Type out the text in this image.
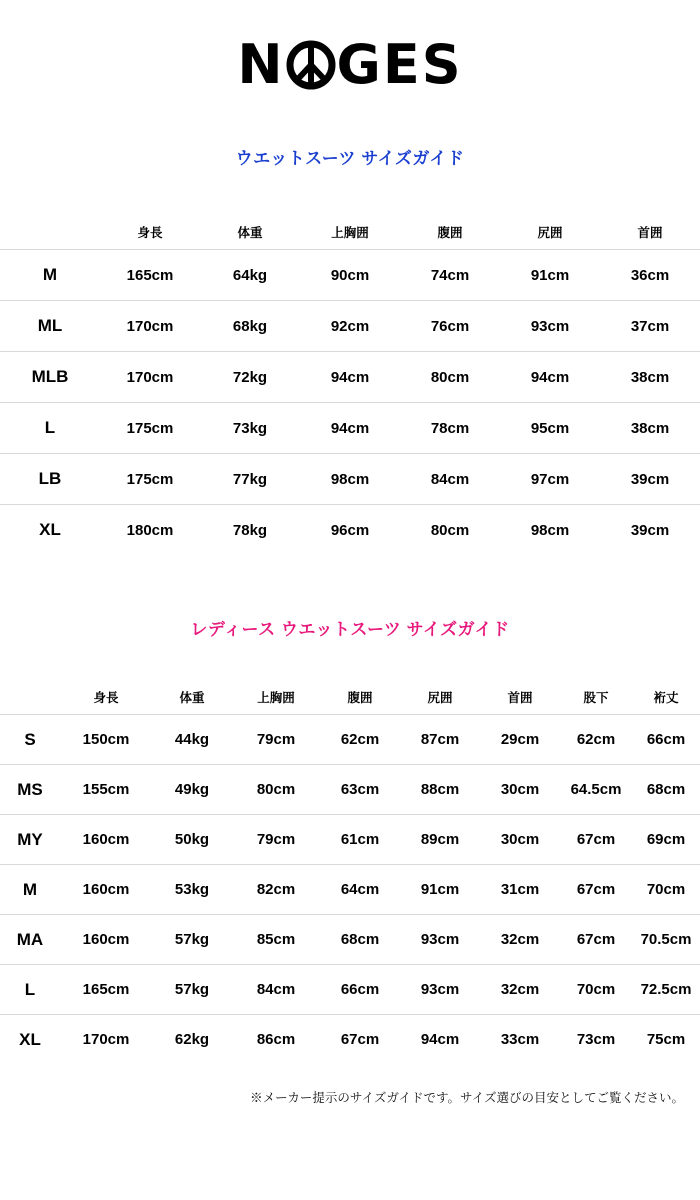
N GES
ウエットスーツ サイズガイド
	身長	体重	上胸囲	腹囲	尻囲	首囲
M	165cm	64kg	90cm	74cm	91cm	36cm
ML	170cm	68kg	92cm	76cm	93cm	37cm
MLB	170cm	72kg	94cm	80cm	94cm	38cm
L	175cm	73kg	94cm	78cm	95cm	38cm
LB	175cm	77kg	98cm	84cm	97cm	39cm
XL	180cm	78kg	96cm	80cm	98cm	39cm
レディース ウエットスーツ サイズガイド
	身長	体重	上胸囲	腹囲	尻囲	首囲	股下	裄丈
S	150cm	44kg	79cm	62cm	87cm	29cm	62cm	66cm
MS	155cm	49kg	80cm	63cm	88cm	30cm	64.5cm	68cm
MY	160cm	50kg	79cm	61cm	89cm	30cm	67cm	69cm
M	160cm	53kg	82cm	64cm	91cm	31cm	67cm	70cm
MA	160cm	57kg	85cm	68cm	93cm	32cm	67cm	70.5cm
L	165cm	57kg	84cm	66cm	93cm	32cm	70cm	72.5cm
XL	170cm	62kg	86cm	67cm	94cm	33cm	73cm	75cm
※メーカー提示のサイズガイドです。サイズ選びの目安としてご覧ください。
